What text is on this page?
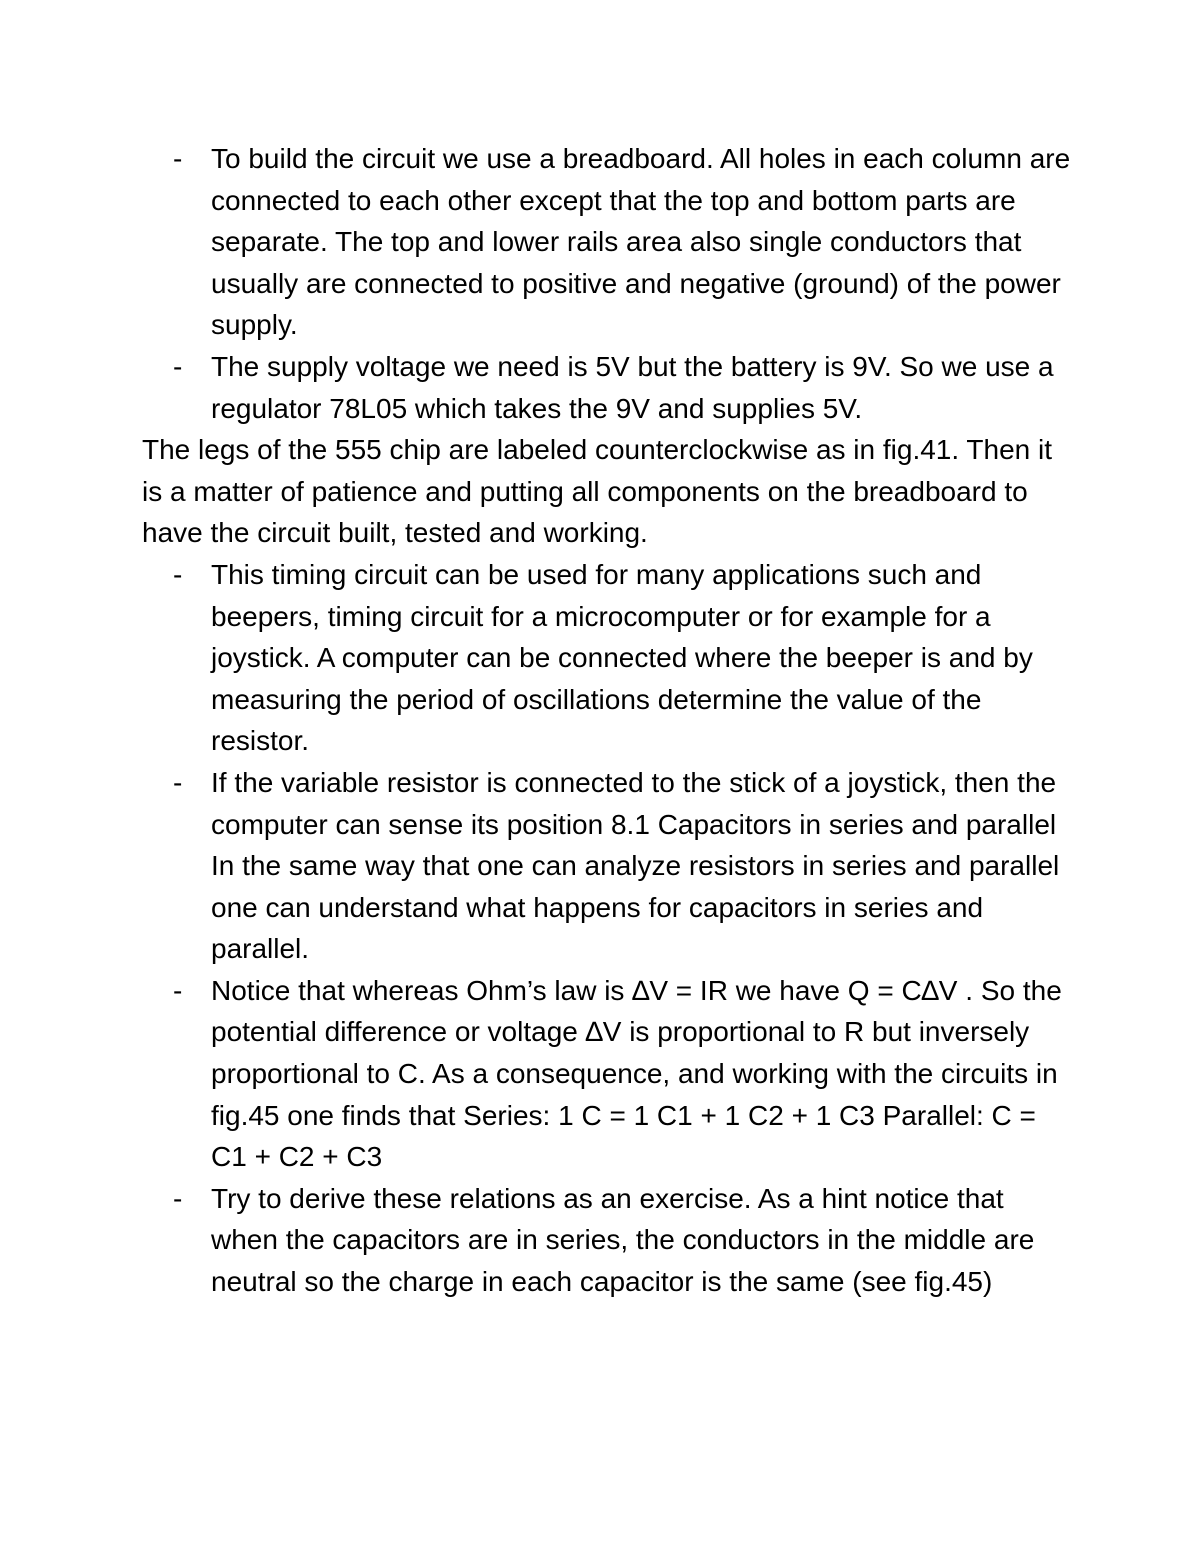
- To build the circuit we use a breadboard. All holes in each column are connected to each other except that the top and bottom parts are separate. The top and lower rails area also single conductors that usually are connected to positive and negative (ground) of the power supply.
- The supply voltage we need is 5V but the battery is 9V. So we use a regulator 78L05 which takes the 9V and supplies 5V.

The legs of the 555 chip are labeled counterclockwise as in fig.41. Then it is a matter of patience and putting all components on the breadboard to have the circuit built, tested and working.

- This timing circuit can be used for many applications such and beepers, timing circuit for a microcomputer or for example for a joystick. A computer can be connected where the beeper is and by measuring the period of oscillations determine the value of the resistor.
- If the variable resistor is connected to the stick of a joystick, then the computer can sense its position 8.1 Capacitors in series and parallel In the same way that one can analyze resistors in series and parallel one can understand what happens for capacitors in series and parallel.
- Notice that whereas Ohm’s law is ∆V = IR we have Q = C∆V . So the potential difference or voltage ∆V is proportional to R but inversely proportional to C. As a consequence, and working with the circuits in fig.45 one finds that Series: 1 C = 1 C1 + 1 C2 + 1 C3 Parallel: C = C1 + C2 + C3
- Try to derive these relations as an exercise. As a hint notice that when the capacitors are in series, the conductors in the middle are neutral so the charge in each capacitor is the same (see fig.45)
